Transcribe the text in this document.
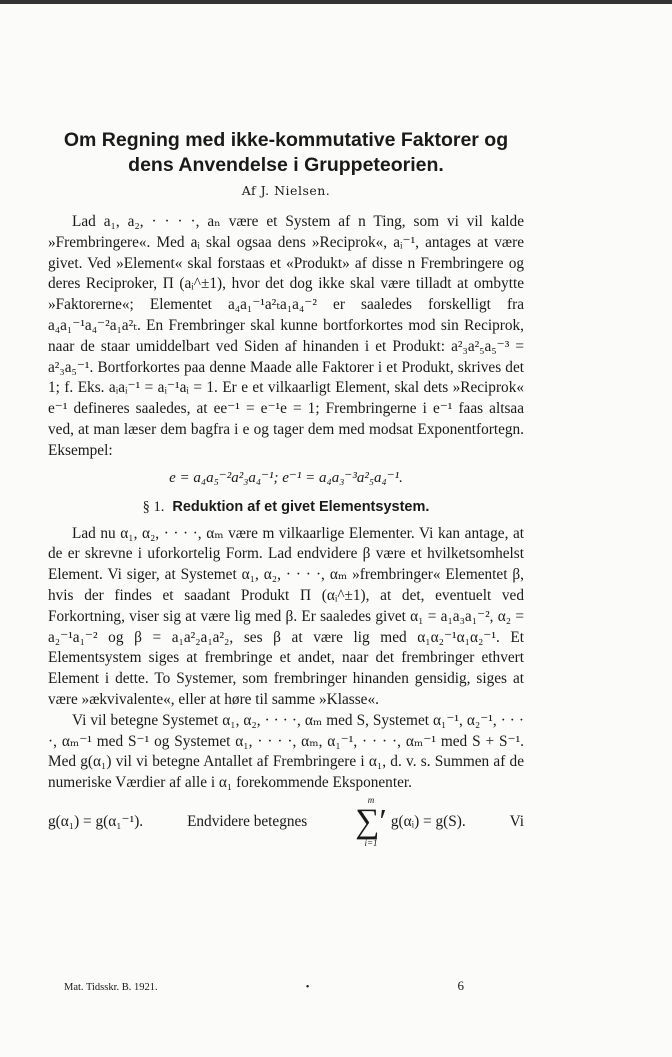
Om Regning med ikke-kommutative Faktorer og dens Anvendelse i Gruppeteorien.
Af J. Nielsen.

Lad a₁, a₂, · · · ·, aₙ være et System af n Ting, som vi vil kalde »Frembringere«. Med aᵢ skal ogsaa dens »Reciprok«, aᵢ⁻¹, antages at være givet. Ved »Element« skal forstaas et «Produkt» af disse n Frembringere og deres Reciproker, Π (aᵢ^±1), hvor det dog ikke skal være tilladt at ombytte »Faktorerne«; Elementet a₄a₁⁻¹a²ₜa₁a₄⁻² er saaledes forskelligt fra a₄a₁⁻¹a₄⁻²a₁a²ₜ. En Frembringer skal kunne bortforkortes mod sin Reciprok, naar de staar umiddelbart ved Siden af hinanden i et Produkt: a²₃a²₅a₅⁻³ = a²₃a₅⁻¹. Bortforkortes paa denne Maade alle Faktorer i et Produkt, skrives det 1; f. Eks. aᵢaᵢ⁻¹ = aᵢ⁻¹aᵢ = 1. Er e et vilkaarligt Element, skal dets »Reciprok« e⁻¹ defineres saaledes, at ee⁻¹ = e⁻¹e = 1; Frembringerne i e⁻¹ faas altsaa ved, at man læser dem bagfra i e og tager dem med modsat Exponentfortegn. Eksempel:

e = a₄a₅⁻²a²₃a₄⁻¹; e⁻¹ = a₄a₃⁻³a²₅a₄⁻¹.
§ 1. Reduktion af et givet Elementsystem.

Lad nu α₁, α₂, · · · ·, αₘ være m vilkaarlige Elementer. Vi kan antage, at de er skrevne i uforkortelig Form. Lad endvidere β være et hvilketsomhelst Element. Vi siger, at Systemet α₁, α₂, · · · ·, αₘ »frembringer« Elementet β, hvis der findes et saadant Produkt Π (αᵢ^±1), at det, eventuelt ved Forkortning, viser sig at være lig med β. Er saaledes givet α₁ = a₁a₃a₁⁻², α₂ = a₂⁻¹a₁⁻² og β = a₁a²₂a₁a²₂, ses β at være lig med α₁α₂⁻¹α₁α₂⁻¹. Et Elementsystem siges at frembringe et andet, naar det frembringer ethvert Element i dette. To Systemer, som frembringer hinanden gensidig, siges at være »ækvivalente«, eller at høre til samme »Klasse«.

Vi vil betegne Systemet α₁, α₂, · · · ·, αₘ med S, Systemet α₁⁻¹, α₂⁻¹, · · · ·, αₘ⁻¹ med S⁻¹ og Systemet α₁, · · · ·, αₘ, α₁⁻¹, · · · ·, αₘ⁻¹ med S + S⁻¹. Med g(α₁) vil vi betegne Antallet af Frembringere i α₁, d. v. s. Summen af de numeriske Værdier af alle i α₁ forekommende Eksponenter.

g(α₁) = g(α₁⁻¹).	Endvidere betegnes
m
∑′
i=1
g(αᵢ) = g(S).	Vi
Mat. Tidsskr. B. 1921.	•	6
